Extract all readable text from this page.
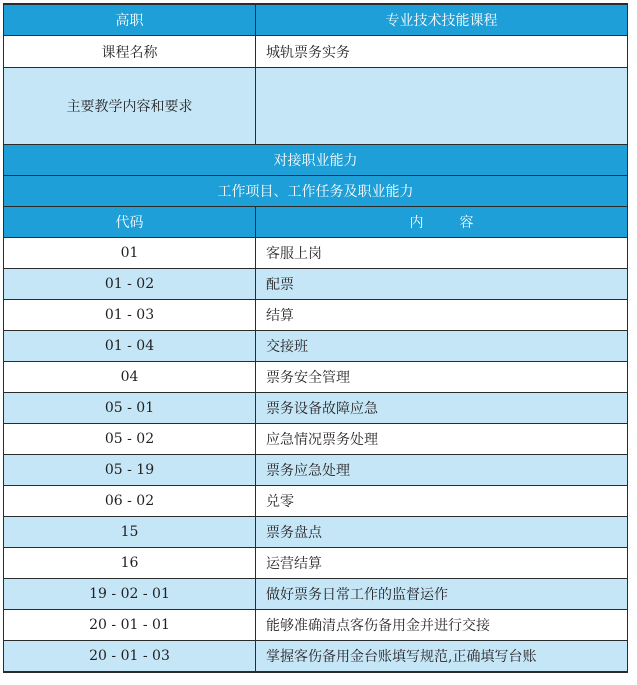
高职	专业技术技能课程
课程名称	城轨票务实务
主要教学内容和要求	
对接职业能力	
工作项目、工作任务及职业能力	
代码	内 容
01	客服上岗
01 - 02	配票
01 - 03	结算
01 - 04	交接班
04	票务安全管理
05 - 01	票务设备故障应急
05 - 02	应急情况票务处理
05 - 19	票务应急处理
06 - 02	兑零
15	票务盘点
16	运营结算
19 - 02 - 01	做好票务日常工作的监督运作
20 - 01 - 01	能够准确清点客伤备用金并进行交接
20 - 01 - 03	掌握客伤备用金台账填写规范,正确填写台账
